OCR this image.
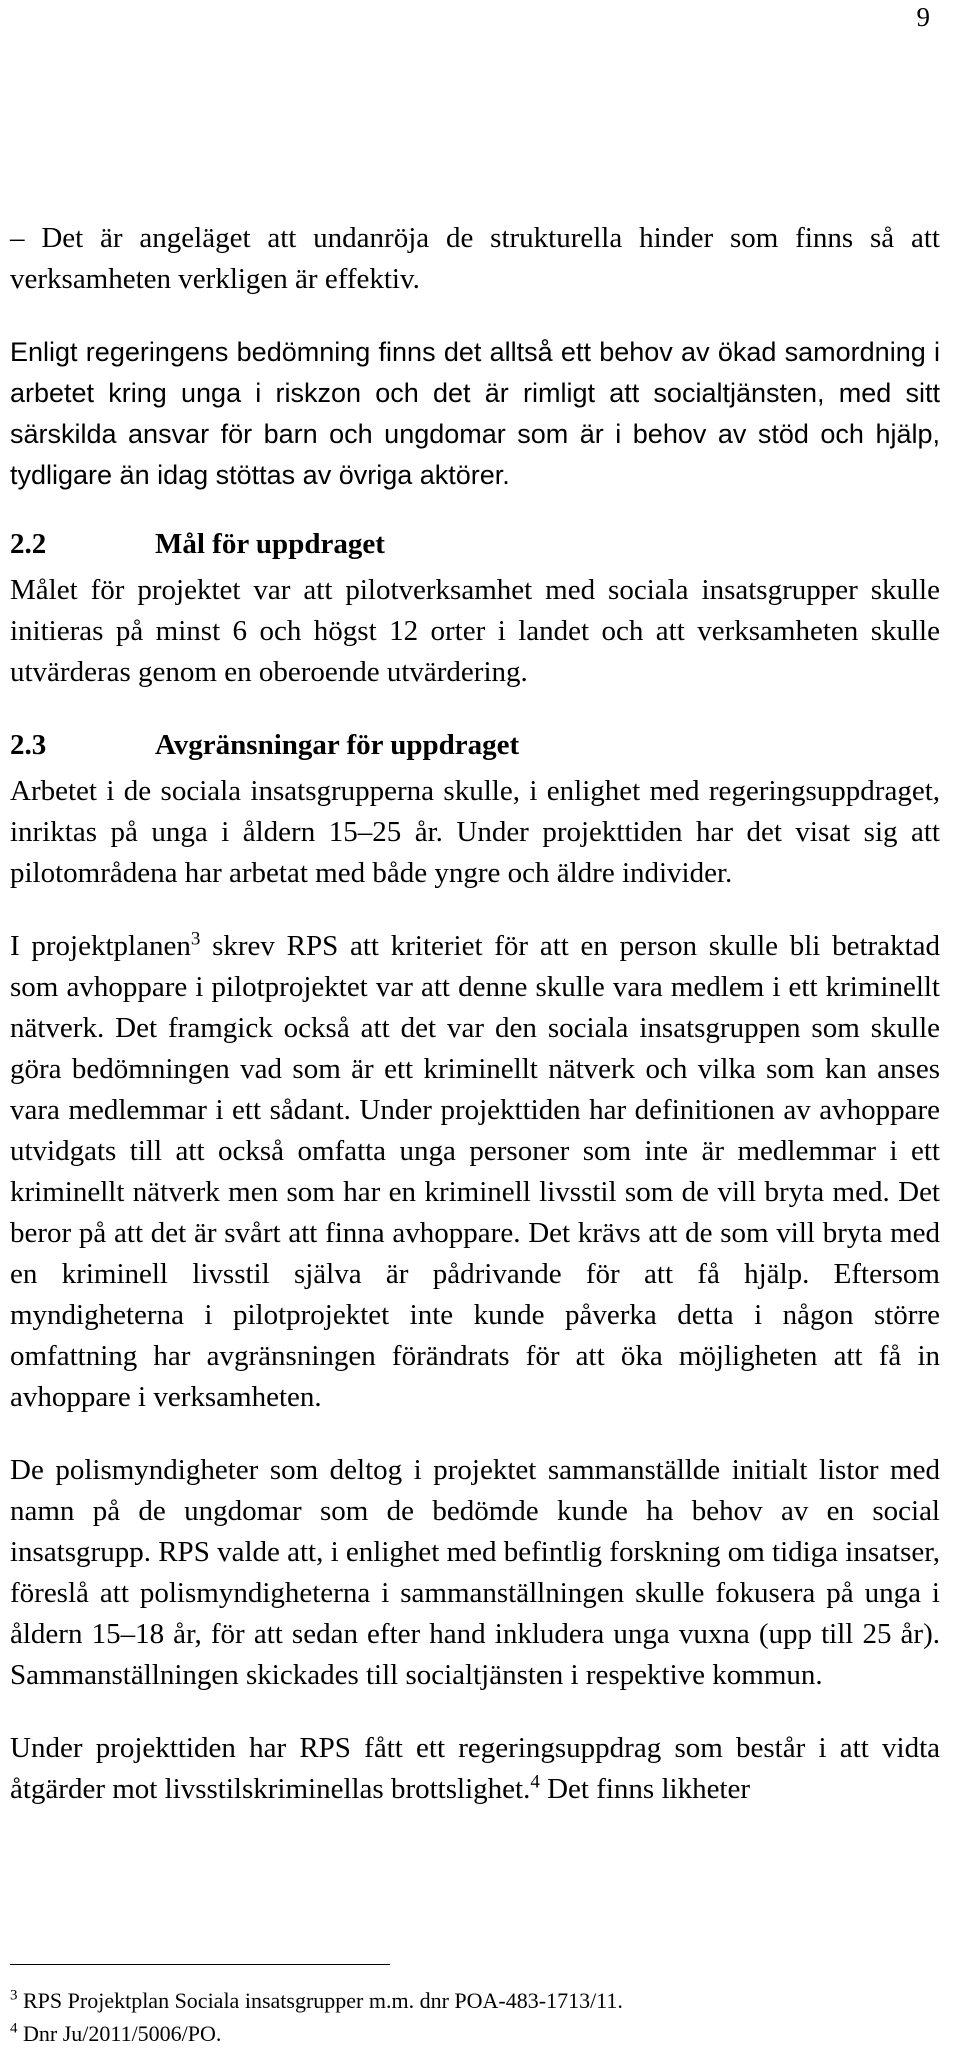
9

– Det är angeläget att undanröja de strukturella hinder som finns så att verksamheten verkligen är effektiv.

Enligt regeringens bedömning finns det alltså ett behov av ökad samordning i arbetet kring unga i riskzon och det är rimligt att socialtjänsten, med sitt särskilda ansvar för barn och ungdomar som är i behov av stöd och hjälp, tydligare än idag stöttas av övriga aktörer.

2.2	Mål för uppdraget

Målet för projektet var att pilotverksamhet med sociala insatsgrupper skulle initieras på minst 6 och högst 12 orter i landet och att verksamheten skulle utvärderas genom en oberoende utvärdering.

2.3	Avgränsningar för uppdraget

Arbetet i de sociala insatsgrupperna skulle, i enlighet med regeringsuppdraget, inriktas på unga i åldern 15–25 år. Under projekttiden har det visat sig att pilotområdena har arbetat med både yngre och äldre individer.

I projektplanen$^3$ skrev RPS att kriteriet för att en person skulle bli betraktad som avhoppare i pilotprojektet var att denne skulle vara medlem i ett kriminellt nätverk. Det framgick också att det var den sociala insatsgruppen som skulle göra bedömningen vad som är ett kriminellt nätverk och vilka som kan anses vara medlemmar i ett sådant. Under projekttiden har definitionen av avhoppare utvidgats till att också omfatta unga personer som inte är medlemmar i ett kriminellt nätverk men som har en kriminell livsstil som de vill bryta med. Det beror på att det är svårt att finna avhoppare. Det krävs att de som vill bryta med en kriminell livsstil själva är pådrivande för att få hjälp. Eftersom myndigheterna i pilotprojektet inte kunde påverka detta i någon större omfattning har avgränsningen förändrats för att öka möjligheten att få in avhoppare i verksamheten.

De polismyndigheter som deltog i projektet sammanställde initialt listor med namn på de ungdomar som de bedömde kunde ha behov av en social insatsgrupp. RPS valde att, i enlighet med befintlig forskning om tidiga insatser, föreslå att polismyndigheterna i sammanställningen skulle fokusera på unga i åldern 15–18 år, för att sedan efter hand inkludera unga vuxna (upp till 25 år). Sammanställningen skickades till socialtjänsten i respektive kommun.

Under projekttiden har RPS fått ett regeringsuppdrag som består i att vidta åtgärder mot livsstilskriminellas brottslighet.$^4$ Det finns likheter

$^3$ RPS Projektplan Sociala insatsgrupper m.m. dnr POA-483-1713/11.
$^4$ Dnr Ju/2011/5006/PO.
